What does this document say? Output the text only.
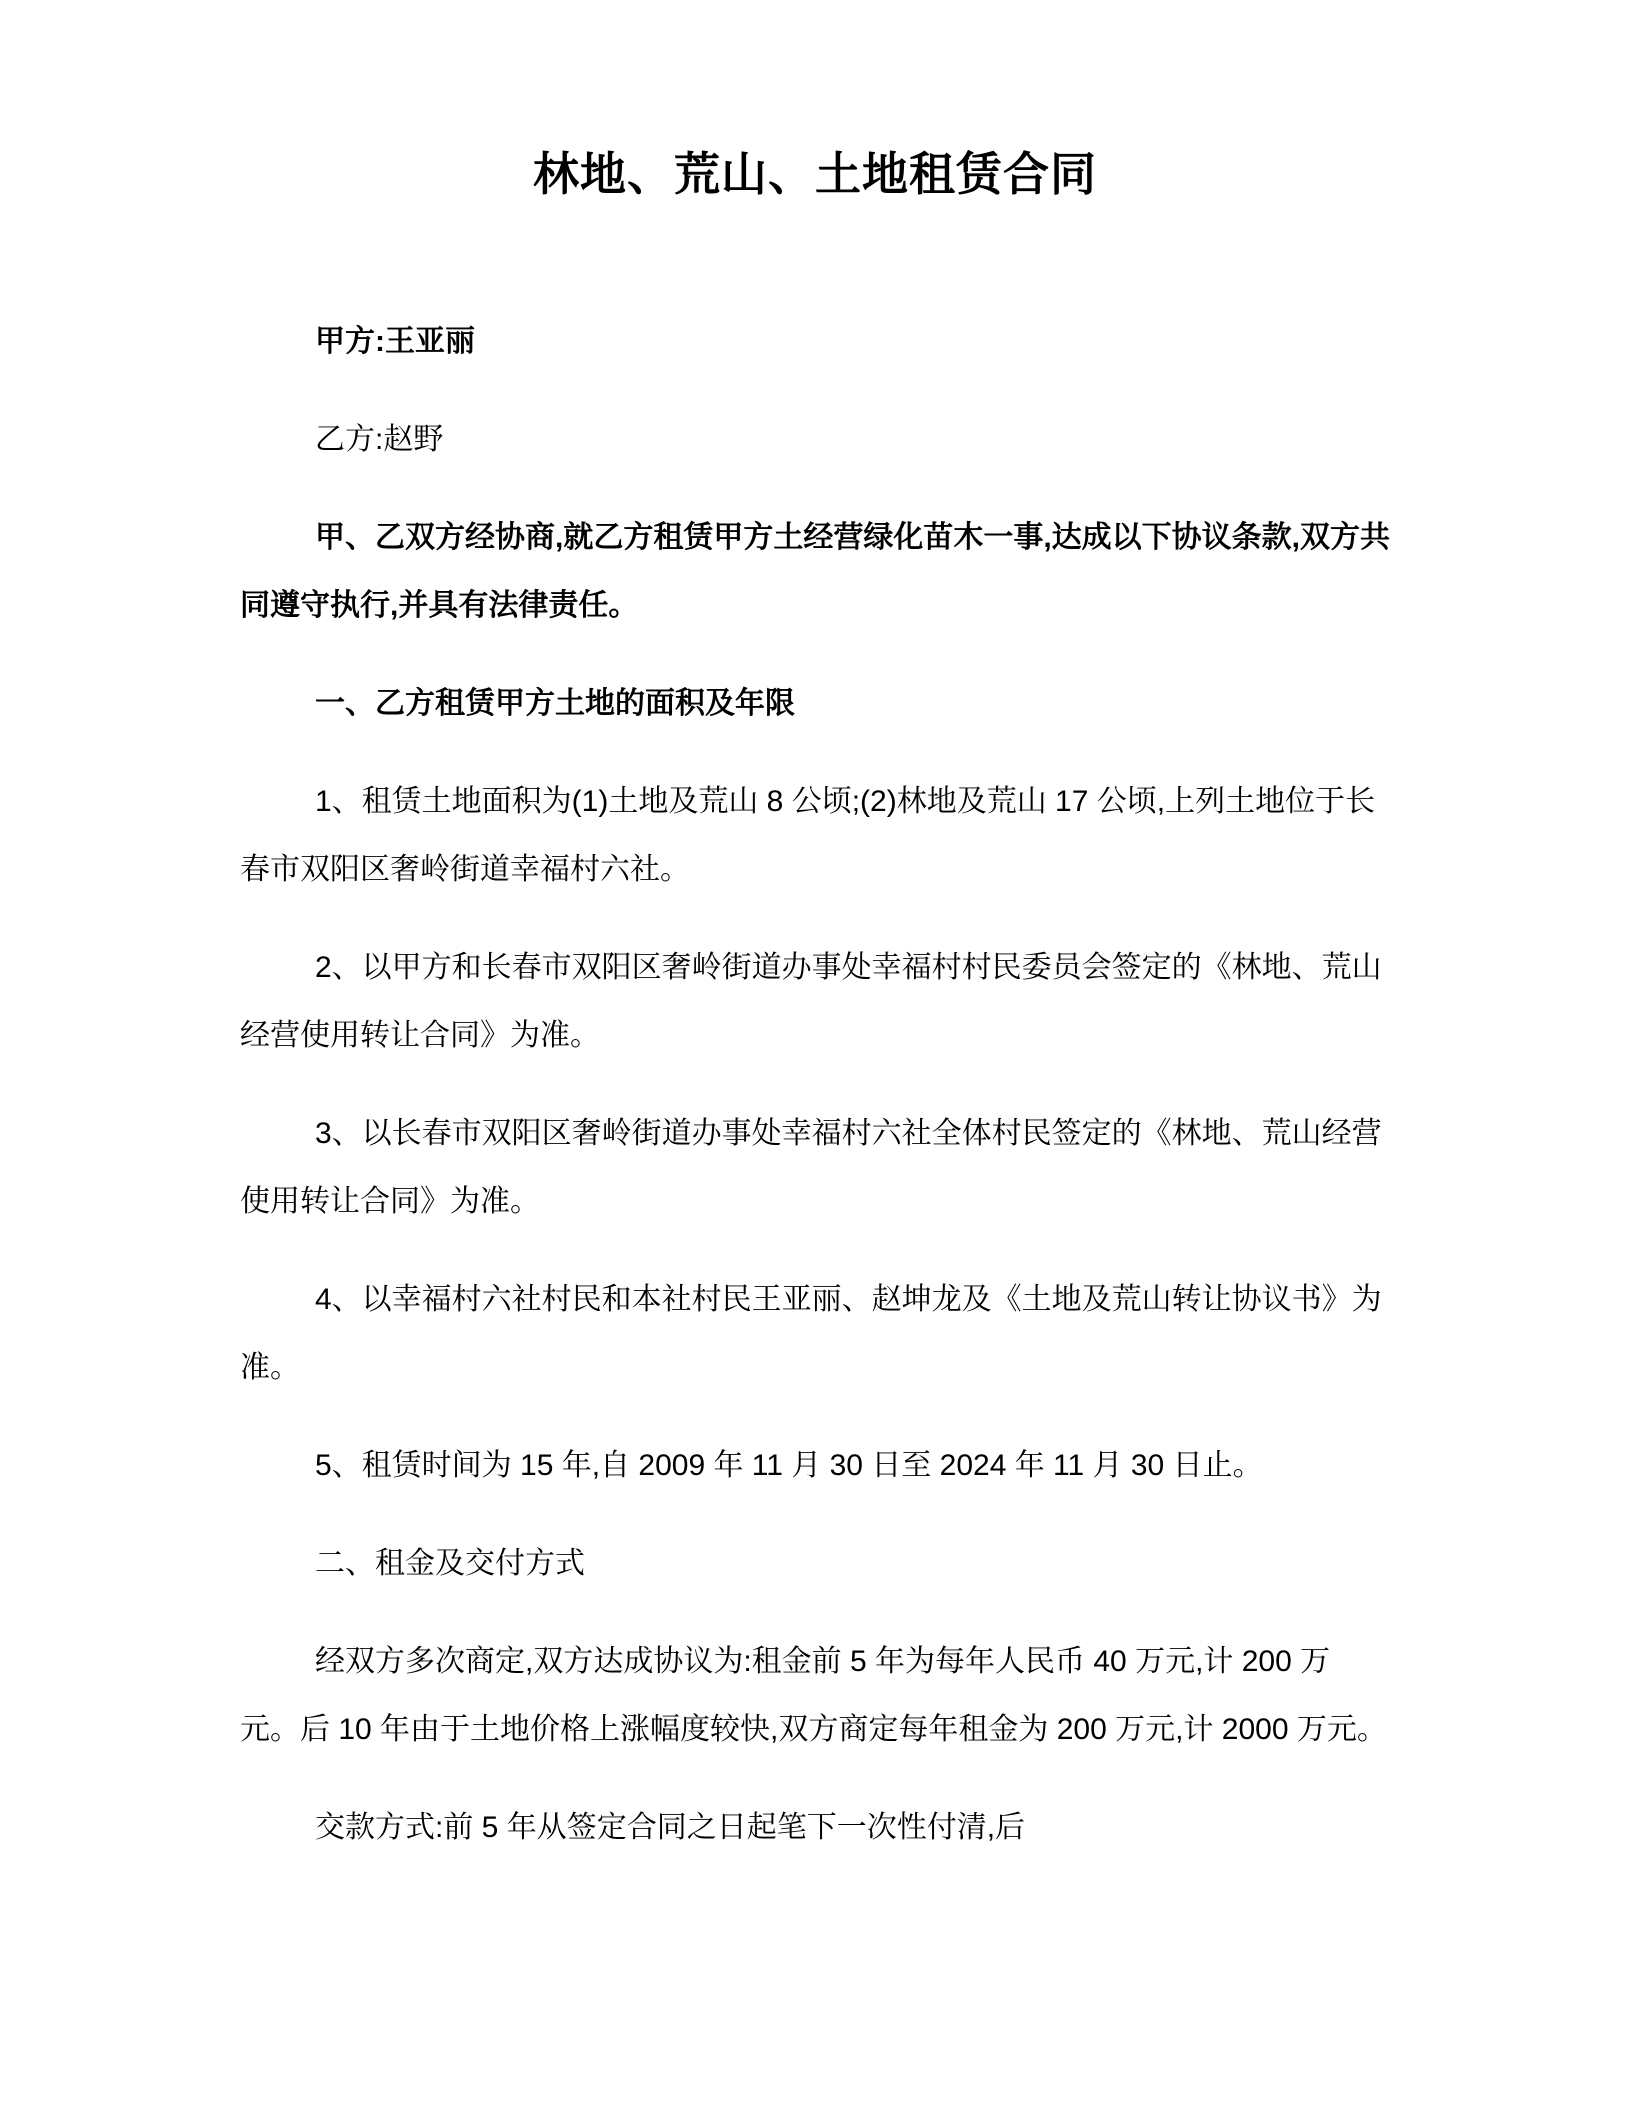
林地、荒山、土地租赁合同

甲方:王亚丽

乙方:赵野

甲、乙双方经协商,就乙方租赁甲方土经营绿化苗木一事,达成以下协议条款,双方共同遵守执行,并具有法律责任。

一、乙方租赁甲方土地的面积及年限

1、租赁土地面积为(1)土地及荒山 8 公顷;(2)林地及荒山 17 公顷,上列土地位于长春市双阳区奢岭街道幸福村六社。

2、以甲方和长春市双阳区奢岭街道办事处幸福村村民委员会签定的《林地、荒山经营使用转让合同》为准。

3、以长春市双阳区奢岭街道办事处幸福村六社全体村民签定的《林地、荒山经营使用转让合同》为准。

4、以幸福村六社村民和本社村民王亚丽、赵坤龙及《土地及荒山转让协议书》为准。

5、租赁时间为 15 年,自 2009 年 11 月 30 日至 2024 年 11 月 30 日止。

二、租金及交付方式

经双方多次商定,双方达成协议为:租金前 5 年为每年人民币 40 万元,计 200 万元。后 10 年由于土地价格上涨幅度较快,双方商定每年租金为 200 万元,计 2000 万元。

交款方式:前 5 年从签定合同之日起笔下一次性付清,后
